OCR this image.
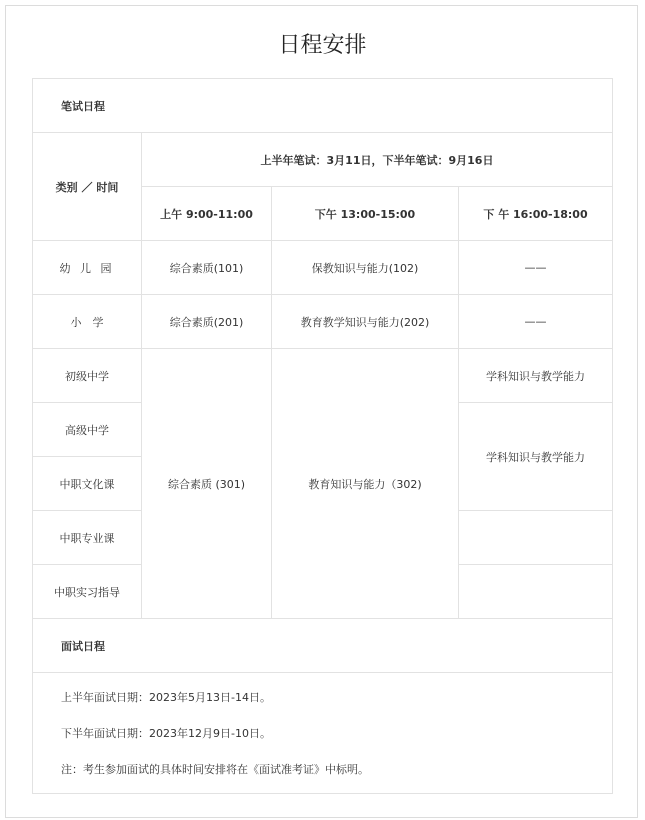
日程安排
笔试日程			
类别 ／ 时间	上半年笔试：3月11日，下半年笔试：9月16日		
	上午 9:00-11:00	下午 13:00-15:00	下 午 16:00-18:00
幼 儿 园	综合素质(101)	保教知识与能力(102)	——
小　学	综合素质(201)	教育教学知识与能力(202)	——
初级中学	综合素质 (301)	教育知识与能力（302)	学科知识与教学能力
高级中学			学科知识与教学能力
中职文化课			
中职专业课			
中职实习指导			
面试日程			

上半年面试日期：2023年5月13日-14日。
下半年面试日期：2023年12月9日-10日。
注：考生参加面试的具体时间安排将在《面试准考证》中标明。			
